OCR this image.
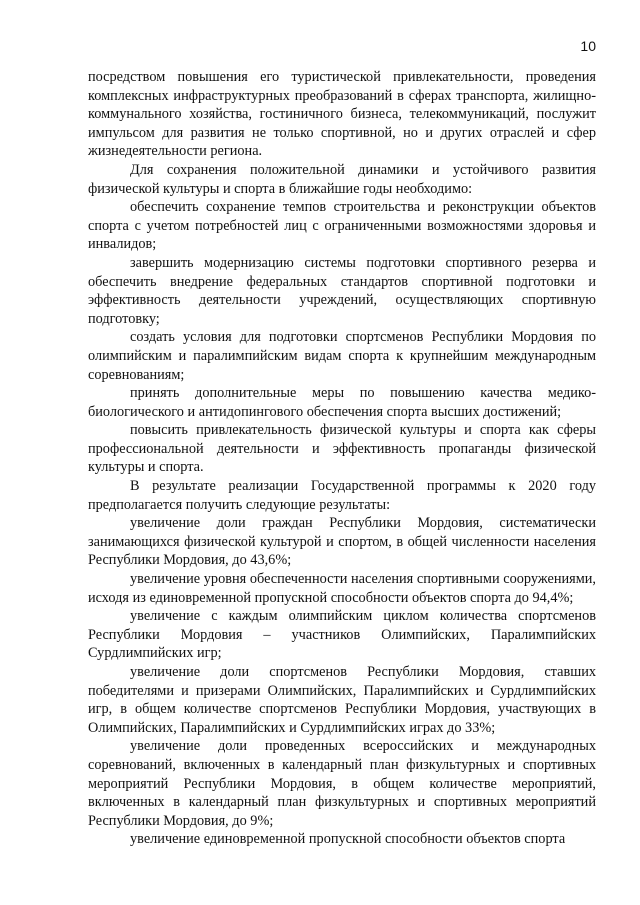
10

посредством повышения его туристической привлекательности, проведения комплексных инфраструктурных преобразований в сферах транспорта, жилищно-коммунального хозяйства, гостиничного бизнеса, телекоммуникаций, послужит импульсом для развития не только спортивной, но и других отраслей и сфер жизнедеятельности региона.

Для сохранения положительной динамики и устойчивого развития физической культуры и спорта в ближайшие годы необходимо:

обеспечить сохранение темпов строительства и реконструкции объектов спорта с учетом потребностей лиц с ограниченными возможностями здоровья и инвалидов;

завершить модернизацию системы подготовки спортивного резерва и обеспечить внедрение федеральных стандартов спортивной подготовки и эффективность деятельности учреждений, осуществляющих спортивную подготовку;

создать условия для подготовки спортсменов Республики Мордовия по олимпийским и паралимпийским видам спорта к крупнейшим международным соревнованиям;

принять дополнительные меры по повышению качества медико-биологического и антидопингового обеспечения спорта высших достижений;

повысить привлекательность физической культуры и спорта как сферы профессиональной деятельности и эффективность пропаганды физической культуры и спорта.

В результате реализации Государственной программы к 2020 году предполагается получить следующие результаты:

увеличение доли граждан Республики Мордовия, систематически занимающихся физической культурой и спортом, в общей численности населения Республики Мордовия, до 43,6%;

увеличение уровня обеспеченности населения спортивными сооружениями, исходя из единовременной пропускной способности объектов спорта до 94,4%;

увеличение с каждым олимпийским циклом количества спортсменов Республики Мордовия – участников Олимпийских, Паралимпийских Сурдлимпийских игр;

увеличение доли спортсменов Республики Мордовия, ставших победителями и призерами Олимпийских, Паралимпийских и Сурдлимпийских игр, в общем количестве спортсменов Республики Мордовия, участвующих в Олимпийских, Паралимпийских и Сурдлимпийских играх до 33%;

увеличение доли проведенных всероссийских и международных соревнований, включенных в календарный план физкультурных и спортивных мероприятий Республики Мордовия, в общем количестве мероприятий, включенных в календарный план физкультурных и спортивных мероприятий Республики Мордовия, до 9%;

увеличение единовременной пропускной способности объектов спорта
